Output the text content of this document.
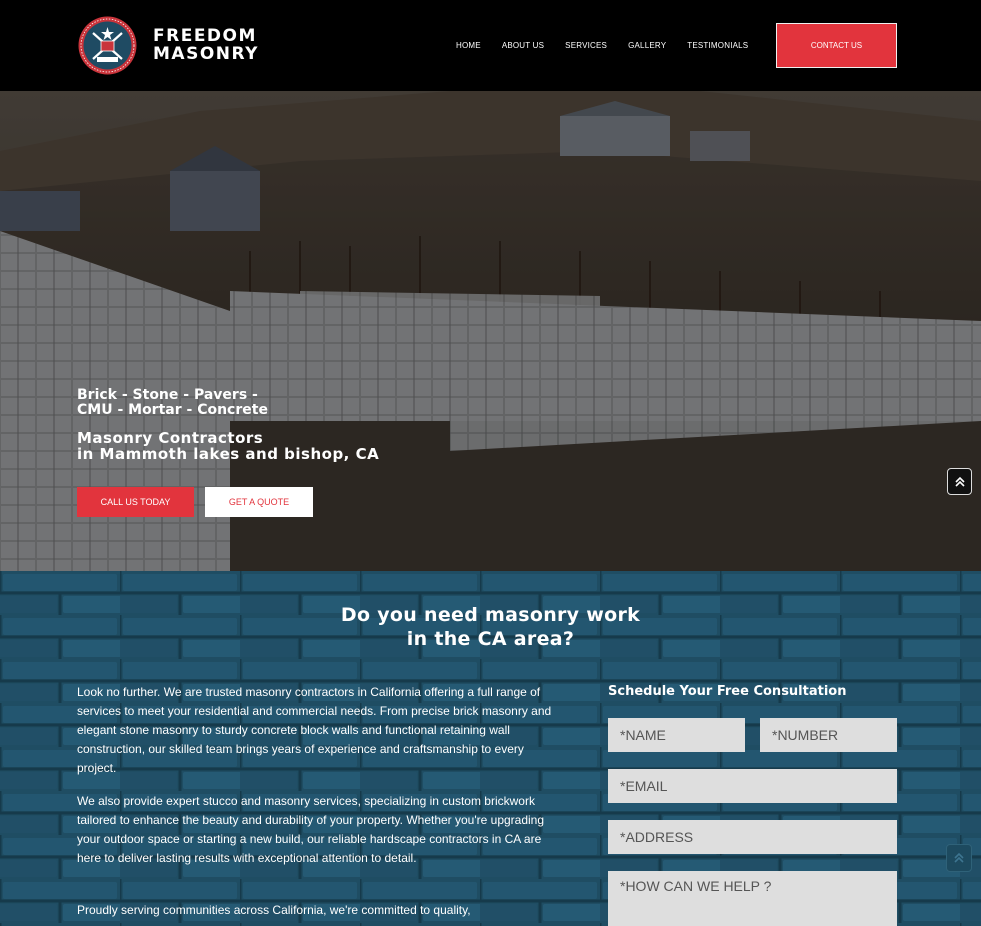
FREEDOM
MASONRY	HOME	ABOUT US	SERVICES	GALLERY	TESTIMONIALS	CONTACT US
Brick - Stone - Pavers -
CMU - Mortar - Concrete
Masonry Contractors
in Mammoth lakes and bishop, CA
CALL US TODAY	GET A QUOTE
Do you need masonry work
in the CA area?

Look no further. We are trusted masonry contractors in California offering a full range of services to meet your residential and commercial needs. From precise brick masonry and elegant stone masonry to sturdy concrete block walls and functional retaining wall construction, our skilled team brings years of experience and craftsmanship to every project.

We also provide expert stucco and masonry services, specializing in custom brickwork tailored to enhance the beauty and durability of your property. Whether you're upgrading your outdoor space or starting a new build, our reliable hardscape contractors in CA are here to deliver lasting results with exceptional attention to detail.

Proudly serving communities across California, we're committed to quality,

Schedule Your Free Consultation
*NAME	*NUMBER
*EMAIL
*ADDRESS
*HOW CAN WE HELP ?
